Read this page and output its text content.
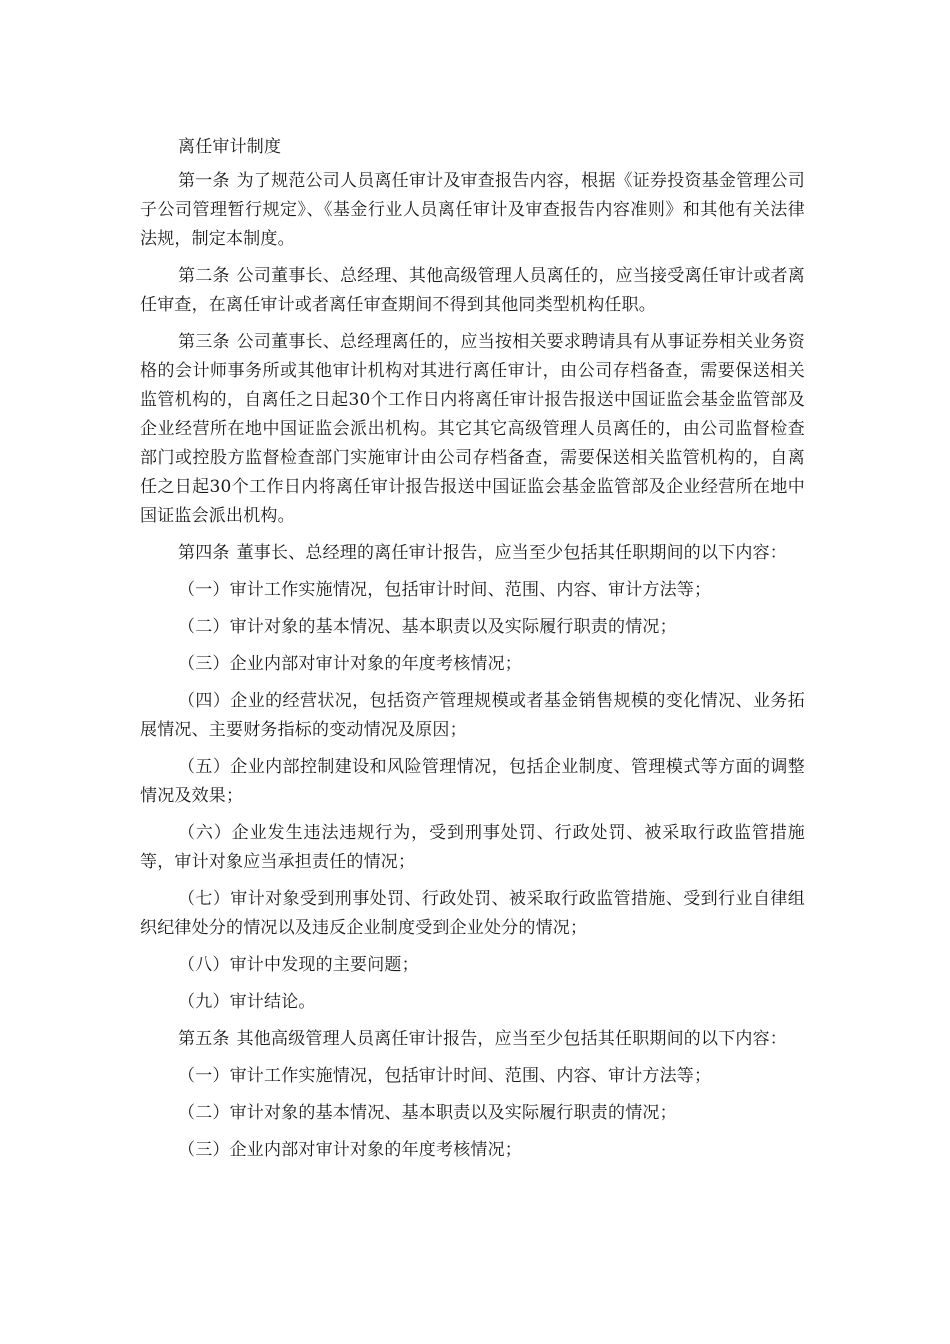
离任审计制度

第一条 为了规范公司人员离任审计及审查报告内容，根据《证券投资基金管理公司子公司管理暂行规定》、《基金行业人员离任审计及审查报告内容准则》和其他有关法律法规，制定本制度。

第二条 公司董事长、总经理、其他高级管理人员离任的，应当接受离任审计或者离任审查，在离任审计或者离任审查期间不得到其他同类型机构任职。

第三条 公司董事长、总经理离任的，应当按相关要求聘请具有从事证券相关业务资格的会计师事务所或其他审计机构对其进行离任审计，由公司存档备查，需要保送相关监管机构的，自离任之日起30个工作日内将离任审计报告报送中国证监会基金监管部及企业经营所在地中国证监会派出机构。其它其它高级管理人员离任的，由公司监督检查部门或控股方监督检查部门实施审计由公司存档备查，需要保送相关监管机构的，自离任之日起30个工作日内将离任审计报告报送中国证监会基金监管部及企业经营所在地中国证监会派出机构。

第四条 董事长、总经理的离任审计报告，应当至少包括其任职期间的以下内容：

（一）审计工作实施情况，包括审计时间、范围、内容、审计方法等；

（二）审计对象的基本情况、基本职责以及实际履行职责的情况；

（三）企业内部对审计对象的年度考核情况；

（四）企业的经营状况，包括资产管理规模或者基金销售规模的变化情况、业务拓展情况、主要财务指标的变动情况及原因；

（五）企业内部控制建设和风险管理情况，包括企业制度、管理模式等方面的调整情况及效果；

（六）企业发生违法违规行为，受到刑事处罚、行政处罚、被采取行政监管措施等，审计对象应当承担责任的情况；

（七）审计对象受到刑事处罚、行政处罚、被采取行政监管措施、受到行业自律组织纪律处分的情况以及违反企业制度受到企业处分的情况；

（八）审计中发现的主要问题；

（九）审计结论。

第五条 其他高级管理人员离任审计报告，应当至少包括其任职期间的以下内容：

（一）审计工作实施情况，包括审计时间、范围、内容、审计方法等；

（二）审计对象的基本情况、基本职责以及实际履行职责的情况；

（三）企业内部对审计对象的年度考核情况；
